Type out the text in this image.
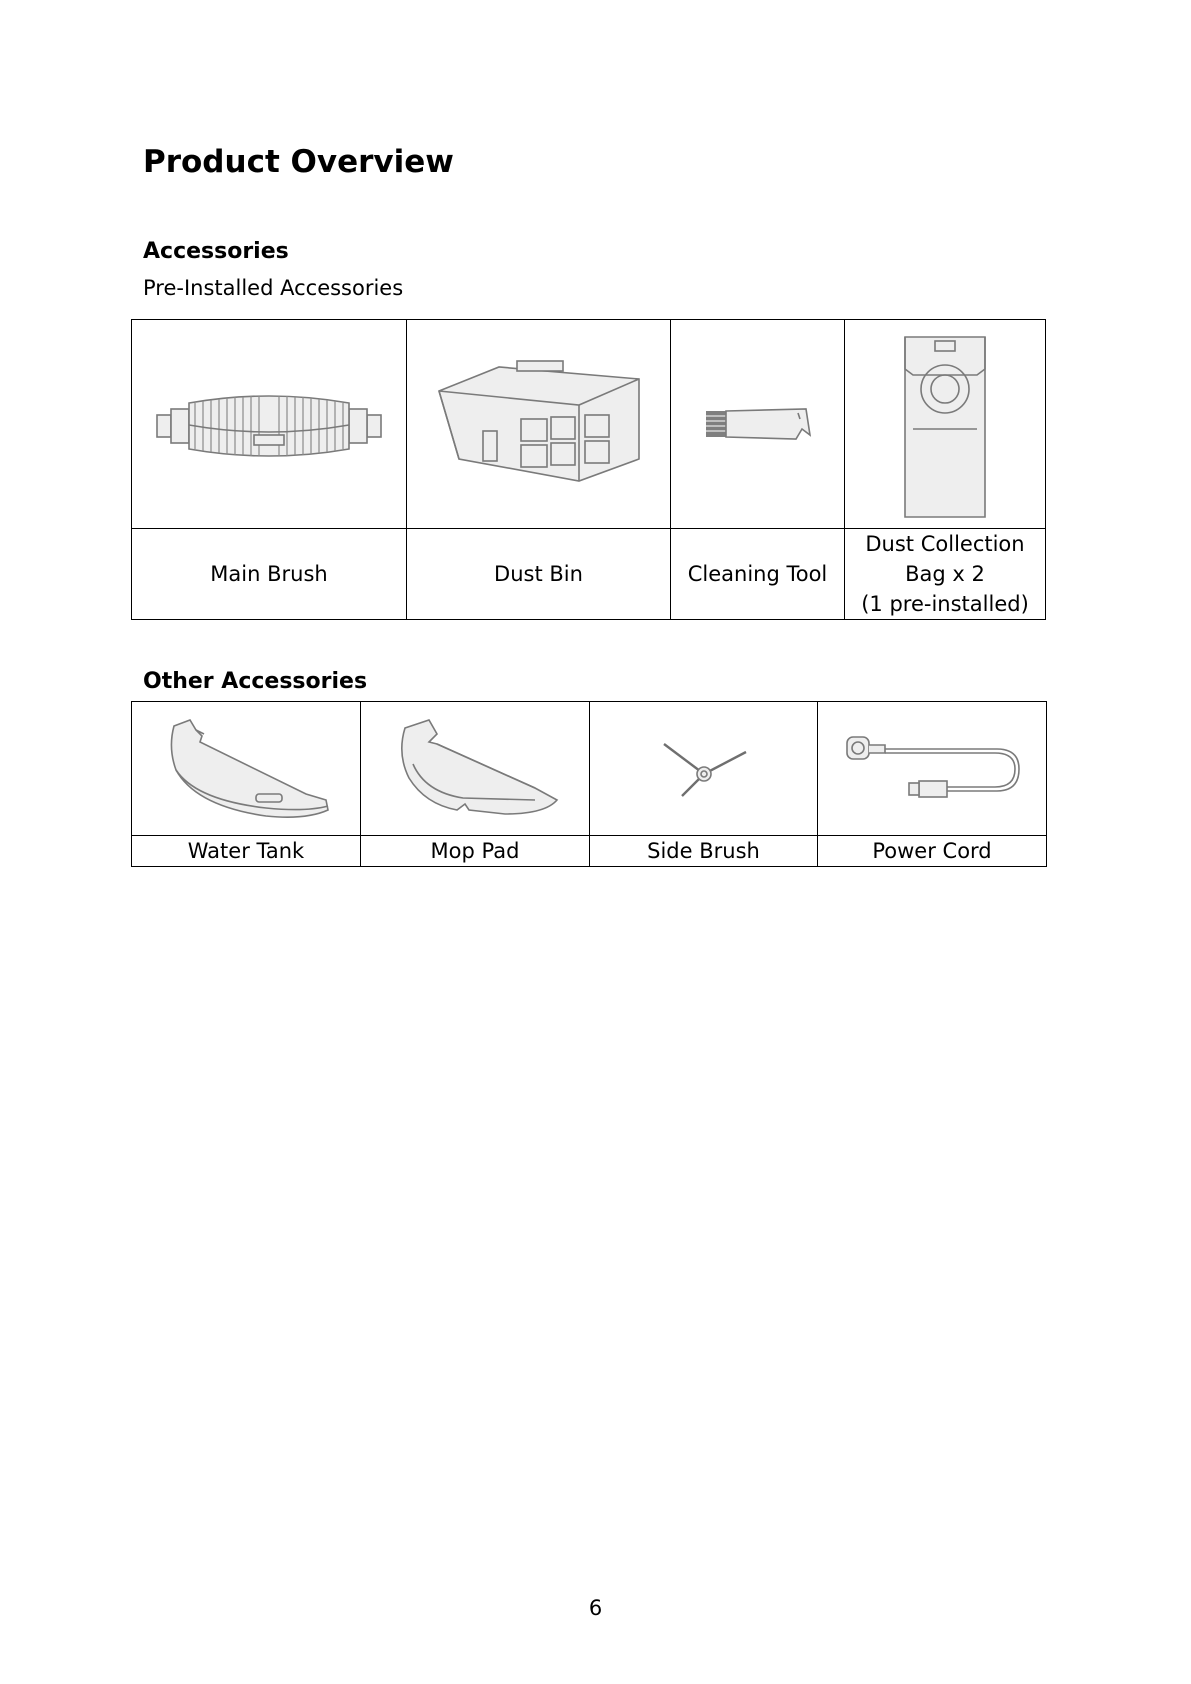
Product Overview
Accessories
Pre-Installed Accessories

Main Brush	Dust Bin	Cleaning Tool	Dust Collection
Bag x 2
(1 pre-installed)
Other Accessories

Water Tank	Mop Pad	Side Brush	Power Cord
6
